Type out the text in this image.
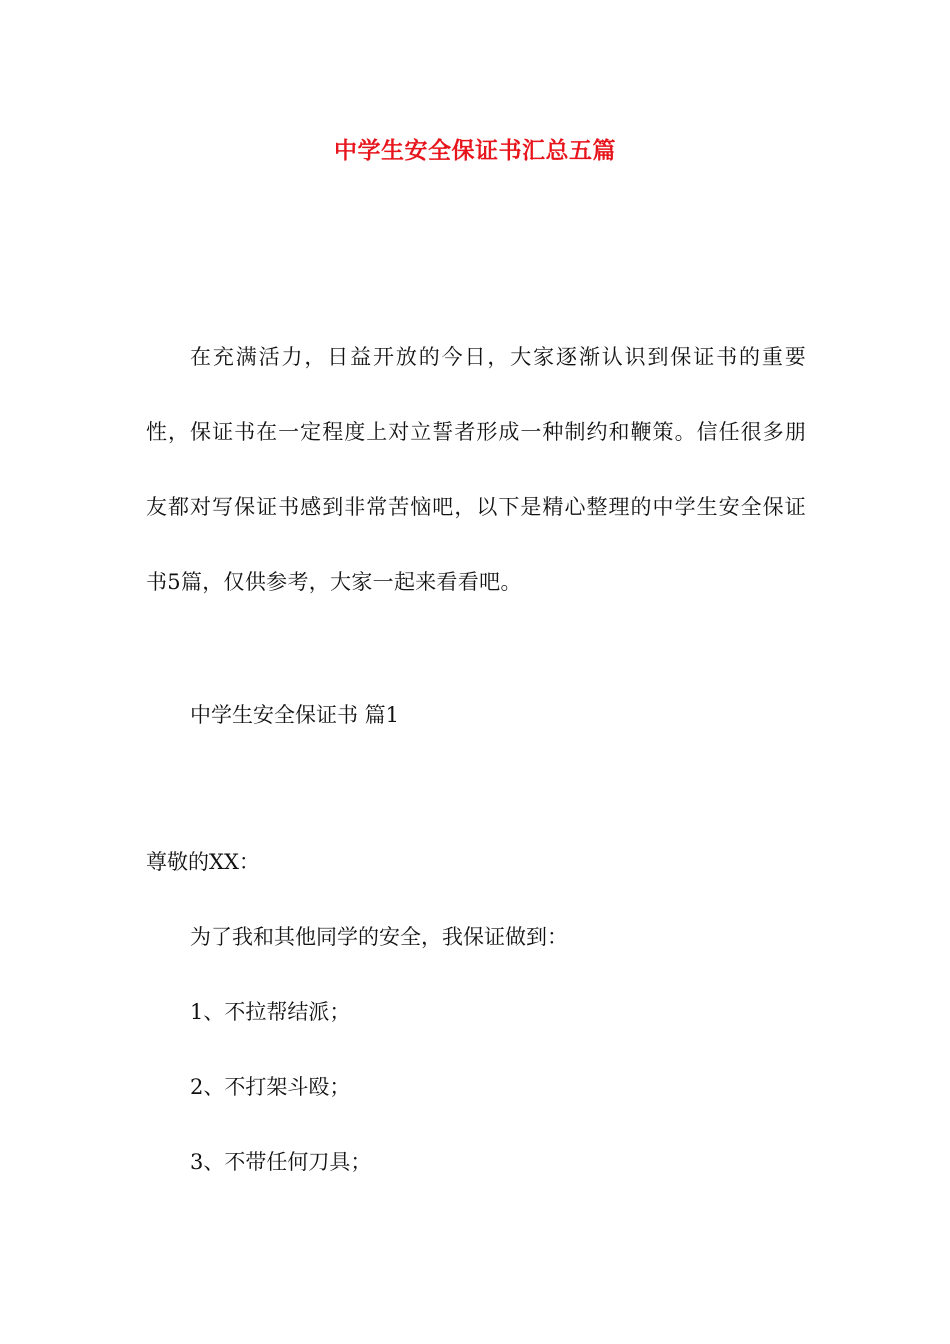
中学生安全保证书汇总五篇

在充满活力，日益开放的今日，大家逐渐认识到保证书的重要性，保证书在一定程度上对立誓者形成一种制约和鞭策。信任很多朋友都对写保证书感到非常苦恼吧，以下是精心整理的中学生安全保证书5篇，仅供参考，大家一起来看看吧。

中学生安全保证书 篇1

尊敬的XX：

为了我和其他同学的安全，我保证做到：

1、不拉帮结派；

2、不打架斗殴；

3、不带任何刀具；
